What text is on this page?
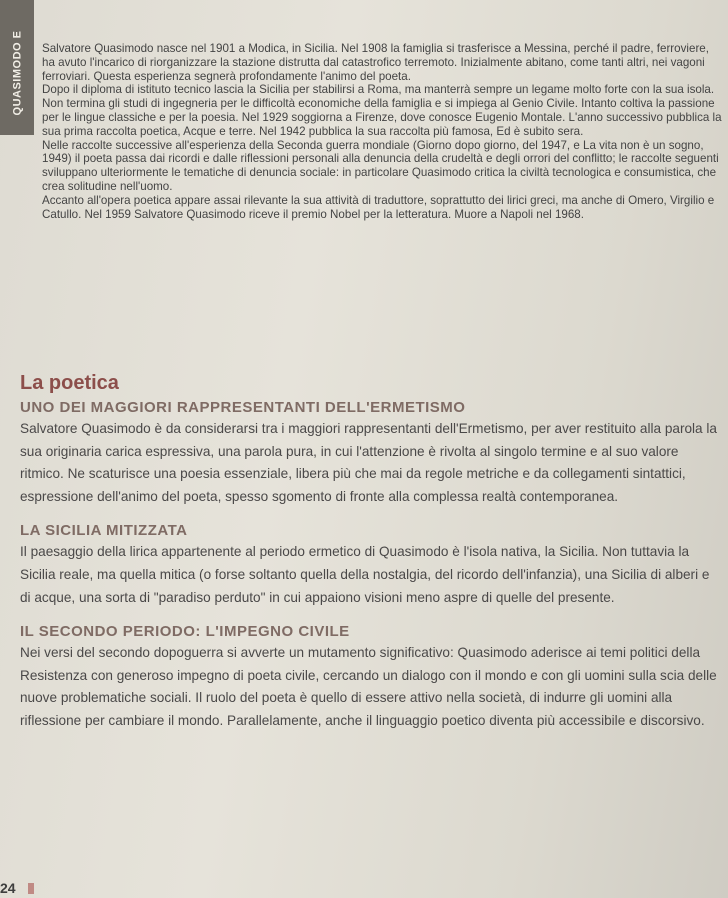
QUASIMODO E Salvatore Quasimodo nasce nel 1901 a Modica, in Sicilia. Nel 1908 la famiglia si trasferisce a Messina, perché il padre, ferroviere, ha avuto l'incarico di riorganizzare la stazione distrutta dal catastrofico terremoto. Inizialmente abitano, come tanti altri, nei vagoni ferroviari. Questa esperienza segnerà profondamente l'animo del poeta.

Dopo il diploma di istituto tecnico lascia la Sicilia per stabilirsi a Roma, ma manterrà sempre un legame molto forte con la sua isola. Non termina gli studi di ingegneria per le difficoltà economiche della famiglia e si impiega al Genio Civile. Intanto coltiva la passione per le lingue classiche e per la poesia. Nel 1929 soggiorna a Firenze, dove conosce Eugenio Montale. L'anno successivo pubblica la sua prima raccolta poetica, Acque e terre. Nel 1942 pubblica la sua raccolta più famosa, Ed è subito sera.

Nelle raccolte successive all'esperienza della Seconda guerra mondiale (Giorno dopo giorno, del 1947, e La vita non è un sogno, 1949) il poeta passa dai ricordi e dalle riflessioni personali alla denuncia della crudeltà e degli orrori del conflitto; le raccolte seguenti sviluppano ulteriormente le tematiche di denuncia sociale: in particolare Quasimodo critica la civiltà tecnologica e consumistica, che crea solitudine nell'uomo.

Accanto all'opera poetica appare assai rilevante la sua attività di traduttore, soprattutto dei lirici greci, ma anche di Omero, Virgilio e Catullo. Nel 1959 Salvatore Quasimodo riceve il premio Nobel per la letteratura. Muore a Napoli nel 1968.

La poetica
UNO DEI MAGGIORI RAPPRESENTANTI DELL'ERMETISMO

Salvatore Quasimodo è da considerarsi tra i maggiori rappresentanti dell'Ermetismo, per aver restituito alla parola la sua originaria carica espressiva, una parola pura, in cui l'attenzione è rivolta al singolo termine e al suo valore ritmico. Ne scaturisce una poesia essenziale, libera più che mai da regole metriche e da collegamenti sintattici, espressione dell'animo del poeta, spesso sgomento di fronte alla complessa realtà contemporanea.

LA SICILIA MITIZZATA

Il paesaggio della lirica appartenente al periodo ermetico di Quasimodo è l'isola nativa, la Sicilia. Non tuttavia la Sicilia reale, ma quella mitica (o forse soltanto quella della nostalgia, del ricordo dell'infanzia), una Sicilia di alberi e di acque, una sorta di "paradiso perduto" in cui appaiono visioni meno aspre di quelle del presente.

IL SECONDO PERIODO: L'IMPEGNO CIVILE

Nei versi del secondo dopoguerra si avverte un mutamento significativo: Quasimodo aderisce ai temi politici della Resistenza con generoso impegno di poeta civile, cercando un dialogo con il mondo e con gli uomini sulla scia delle nuove problematiche sociali. Il ruolo del poeta è quello di essere attivo nella società, di indurre gli uomini alla riflessione per cambiare il mondo. Parallelamente, anche il linguaggio poetico diventa più accessibile e discorsivo.

24
